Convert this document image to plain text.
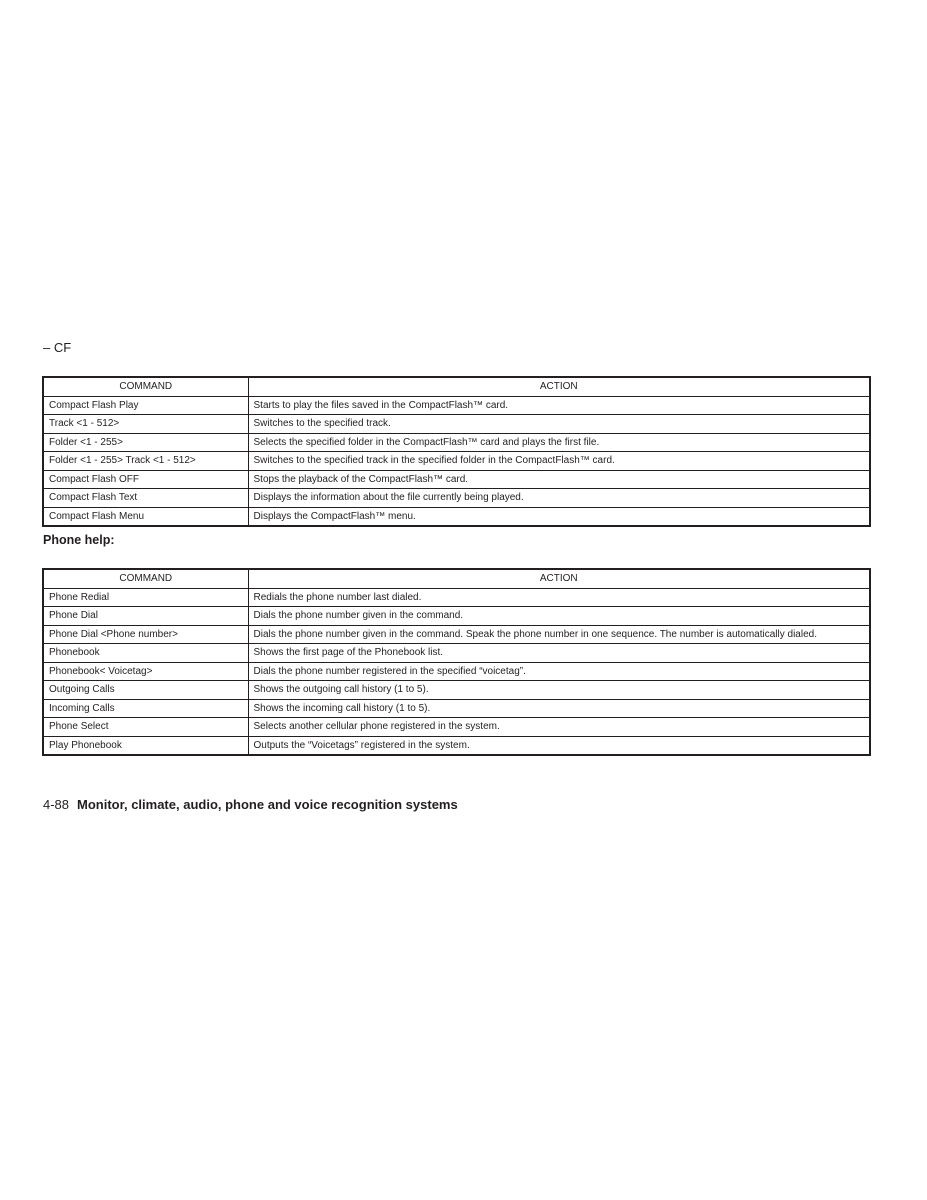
– CF
COMMAND	ACTION
Compact Flash Play	Starts to play the files saved in the CompactFlash™ card.
Track <1 - 512>	Switches to the specified track.
Folder <1 - 255>	Selects the specified folder in the CompactFlash™ card and plays the first file.
Folder <1 - 255> Track <1 - 512>	Switches to the specified track in the specified folder in the CompactFlash™ card.
Compact Flash OFF	Stops the playback of the CompactFlash™ card.
Compact Flash Text	Displays the information about the file currently being played.
Compact Flash Menu	Displays the CompactFlash™ menu.
Phone help:
COMMAND	ACTION
Phone Redial	Redials the phone number last dialed.
Phone Dial	Dials the phone number given in the command.
Phone Dial <Phone number>	Dials the phone number given in the command. Speak the phone number in one sequence. The number is automatically dialed.
Phonebook	Shows the first page of the Phonebook list.
Phonebook< Voicetag>	Dials the phone number registered in the specified “voicetag”.
Outgoing Calls	Shows the outgoing call history (1 to 5).
Incoming Calls	Shows the incoming call history (1 to 5).
Phone Select	Selects another cellular phone registered in the system.
Play Phonebook	Outputs the “Voicetags” registered in the system.
4-88 Monitor, climate, audio, phone and voice recognition systems
